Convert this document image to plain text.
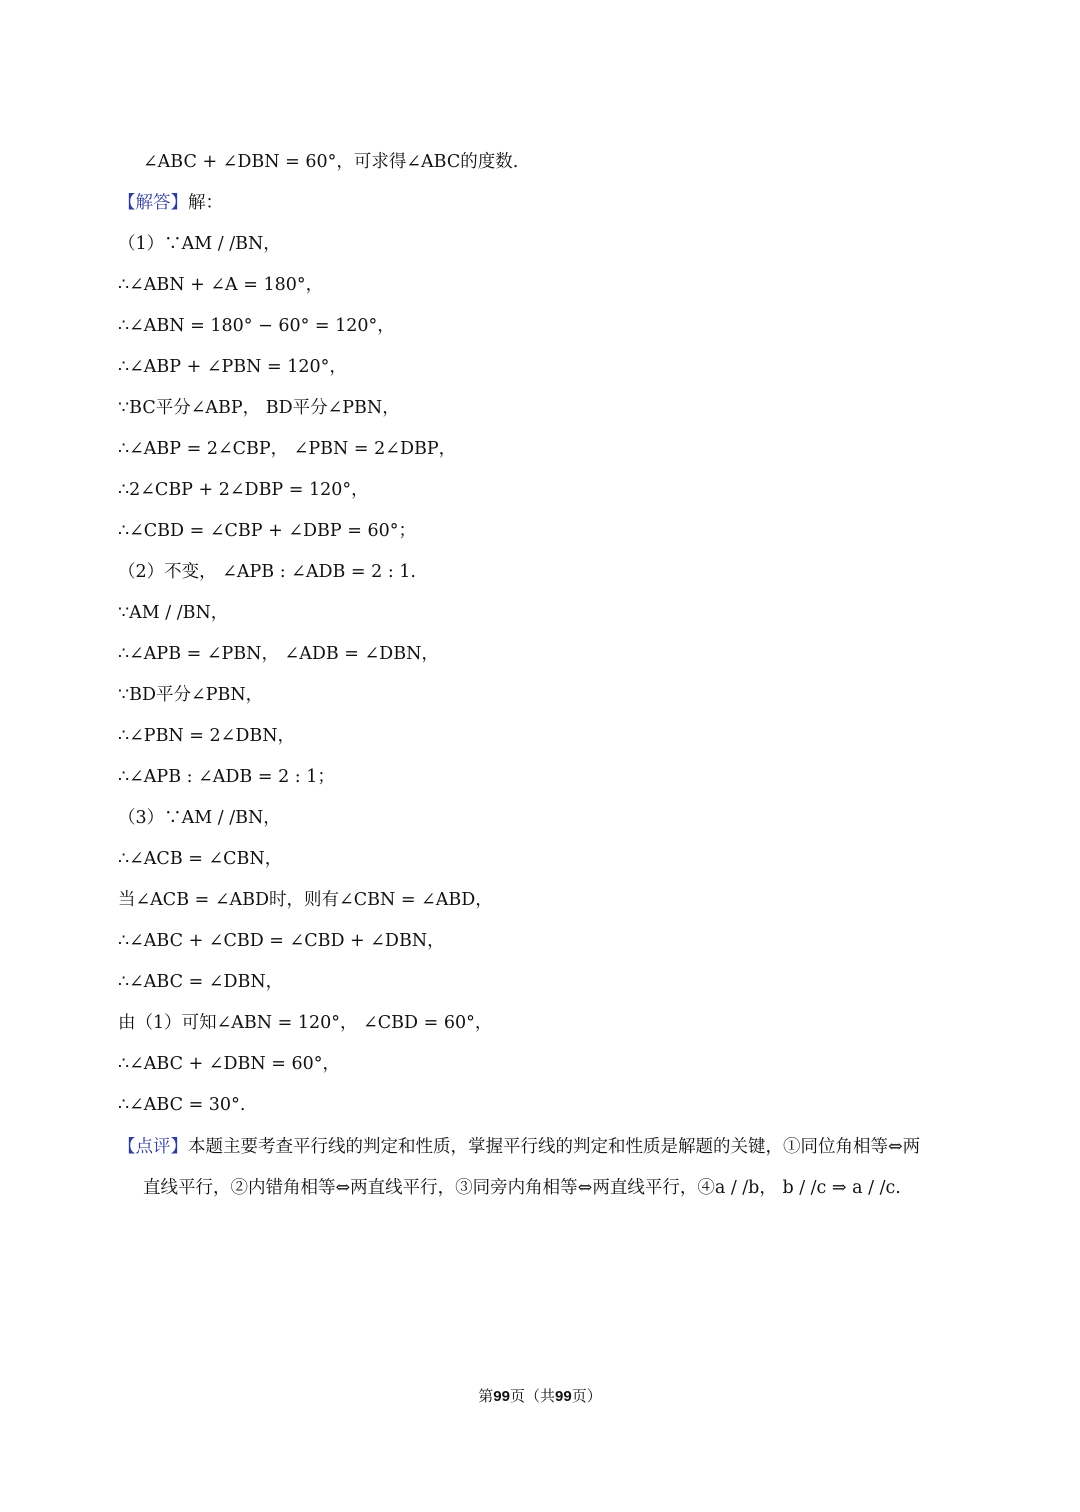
∠ABC + ∠DBN = 60°，可求得∠ABC的度数.
【解答】解：
（1）∵AM / /BN，
∴∠ABN + ∠A = 180°，
∴∠ABN = 180° − 60° = 120°，
∴∠ABP + ∠PBN = 120°，
∵BC平分∠ABP， BD平分∠PBN，
∴∠ABP = 2∠CBP， ∠PBN = 2∠DBP，
∴2∠CBP + 2∠DBP = 120°，
∴∠CBD = ∠CBP + ∠DBP = 60°；
（2）不变， ∠APB : ∠ADB = 2 : 1.
∵AM / /BN，
∴∠APB = ∠PBN， ∠ADB = ∠DBN，
∵BD平分∠PBN，
∴∠PBN = 2∠DBN，
∴∠APB : ∠ADB = 2 : 1；
（3）∵AM / /BN，
∴∠ACB = ∠CBN，
当∠ACB = ∠ABD时，则有∠CBN = ∠ABD，
∴∠ABC + ∠CBD = ∠CBD + ∠DBN，
∴∠ABC = ∠DBN，
由（1）可知∠ABN = 120°， ∠CBD = 60°，
∴∠ABC + ∠DBN = 60°，
∴∠ABC = 30°.
【点评】本题主要考查平行线的判定和性质，掌握平行线的判定和性质是解题的关键，①同位角相等⇔两
直线平行，②内错角相等⇔两直线平行，③同旁内角相等⇔两直线平行，④a / /b， b / /c ⇒ a / /c.
第99页（共99页）
